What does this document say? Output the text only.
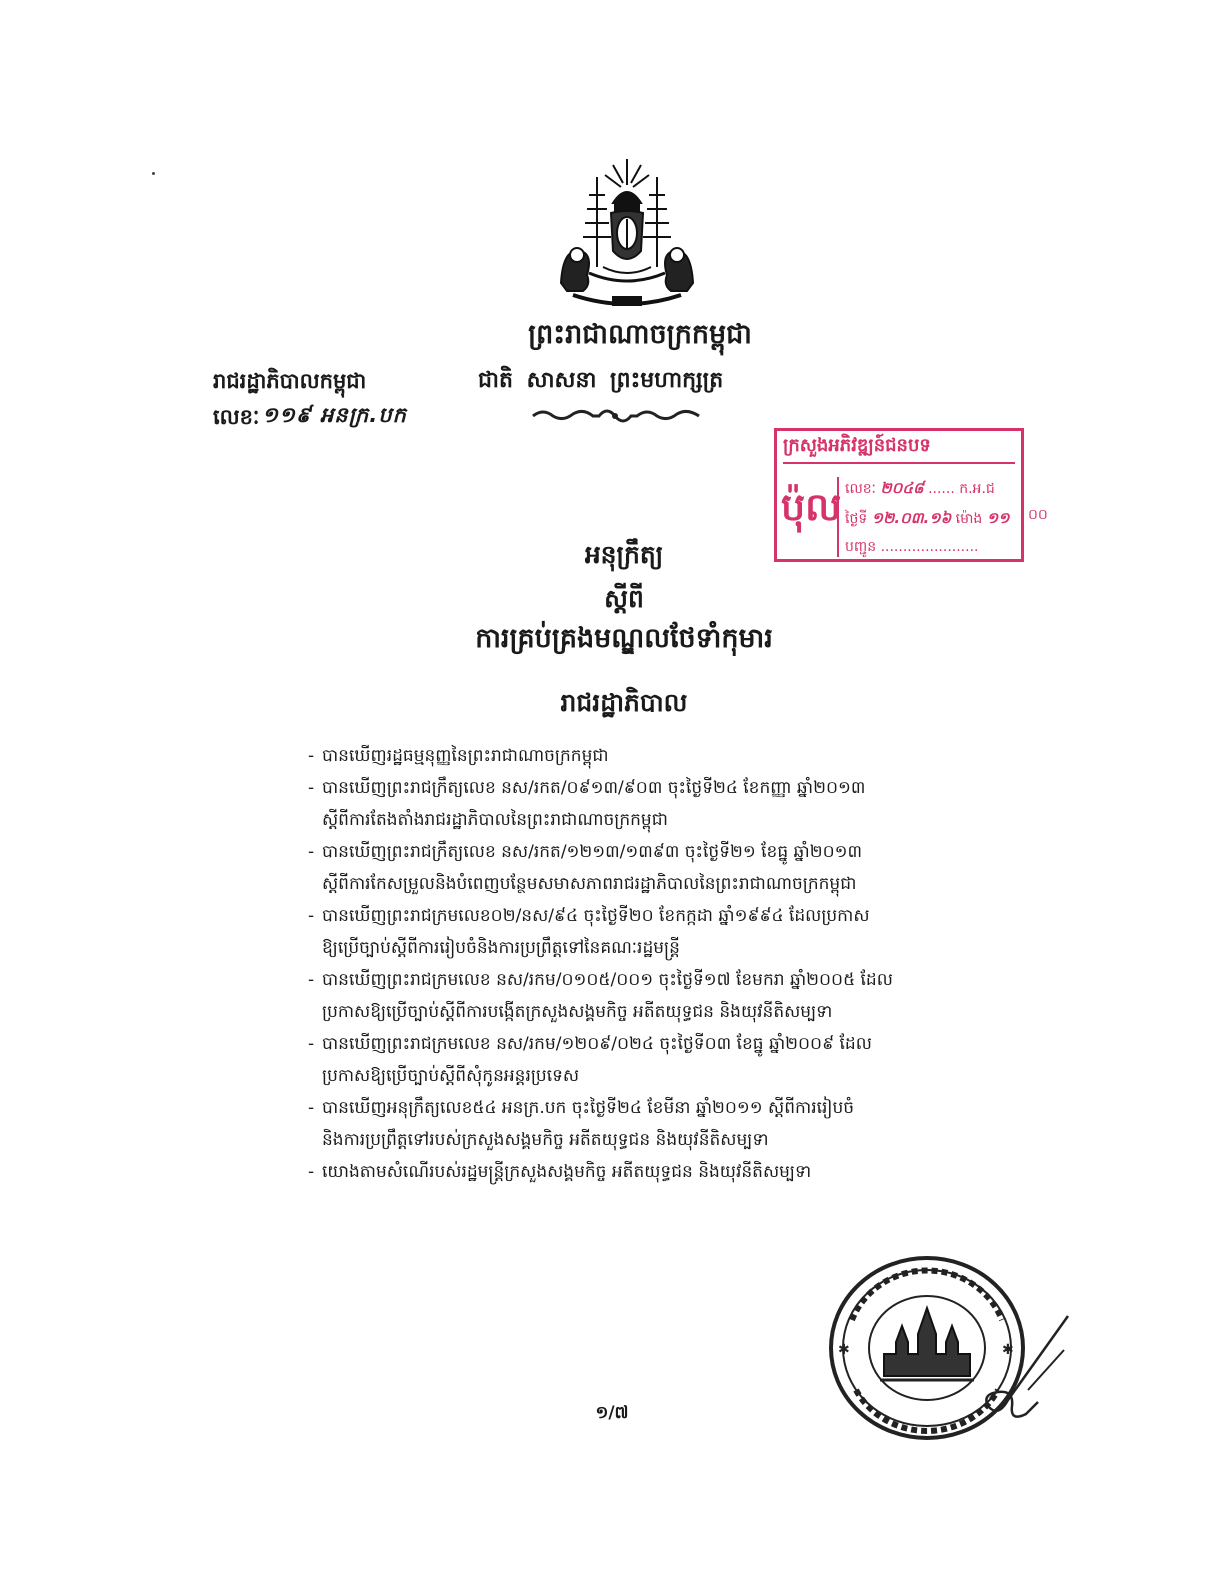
ព្រះរាជាណាចក្រកម្ពុជា
រាជរដ្ឋាភិបាលកម្ពុជា	ជាតិ សាសនា ព្រះមហាក្សត្រ
លេខៈ ១១៩ អនក្រ.បក
ក្រសួងអភិវឌ្ឍន៍ជនបទ
ប៉ុល លេខៈ ២០៤៨ ...... ក.អ.ជ
ថ្ងៃទី ១២.០៣.១៦ ម៉ោង ១១
បញ្ជូន ......................
០០
អនុក្រឹត្យ
ស្តីពី
ការគ្រប់គ្រងមណ្ឌលថែទាំកុមារ
រាជរដ្ឋាភិបាល
- បានឃើញរដ្ឋធម្មនុញ្ញនៃព្រះរាជាណាចក្រកម្ពុជា
- បានឃើញព្រះរាជក្រឹត្យលេខ នស/រកត/០៩១៣/៩០៣ ចុះថ្ងៃទី២៤ ខែកញ្ញា ឆ្នាំ២០១៣
ស្តីពីការតែងតាំងរាជរដ្ឋាភិបាលនៃព្រះរាជាណាចក្រកម្ពុជា
- បានឃើញព្រះរាជក្រឹត្យលេខ នស/រកត/១២១៣/១៣៩៣ ចុះថ្ងៃទី២១ ខែធ្នូ ឆ្នាំ២០១៣
ស្តីពីការកែសម្រួលនិងបំពេញបន្ថែមសមាសភាពរាជរដ្ឋាភិបាលនៃព្រះរាជាណាចក្រកម្ពុជា
- បានឃើញព្រះរាជក្រមលេខ០២/នស/៩៤ ចុះថ្ងៃទី២០ ខែកក្កដា ឆ្នាំ១៩៩៤ ដែលប្រកាស
ឱ្យប្រើច្បាប់ស្តីពីការរៀបចំនិងការប្រព្រឹត្តទៅនៃគណៈរដ្ឋមន្ត្រី
- បានឃើញព្រះរាជក្រមលេខ នស/រកម/០១០៥/០០១ ចុះថ្ងៃទី១៧ ខែមករា ឆ្នាំ២០០៥ ដែល
ប្រកាសឱ្យប្រើច្បាប់ស្តីពីការបង្កើតក្រសួងសង្គមកិច្ច អតីតយុទ្ធជន និងយុវនីតិសម្បទា
- បានឃើញព្រះរាជក្រមលេខ នស/រកម/១២០៩/០២៤ ចុះថ្ងៃទី០៣ ខែធ្នូ ឆ្នាំ២០០៩ ដែល
ប្រកាសឱ្យប្រើច្បាប់ស្តីពីសុំកូនអន្តរប្រទេស
- បានឃើញអនុក្រឹត្យលេខ៥៤ អនក្រ.បក ចុះថ្ងៃទី២៤ ខែមីនា ឆ្នាំ២០១១ ស្តីពីការរៀបចំ
និងការប្រព្រឹត្តទៅរបស់ក្រសួងសង្គមកិច្ច អតីតយុទ្ធជន និងយុវនីតិសម្បទា
- យោងតាមសំណើរបស់រដ្ឋមន្ត្រីក្រសួងសង្គមកិច្ច អតីតយុទ្ធជន និងយុវនីតិសម្បទា
✱	✱
១/៧
